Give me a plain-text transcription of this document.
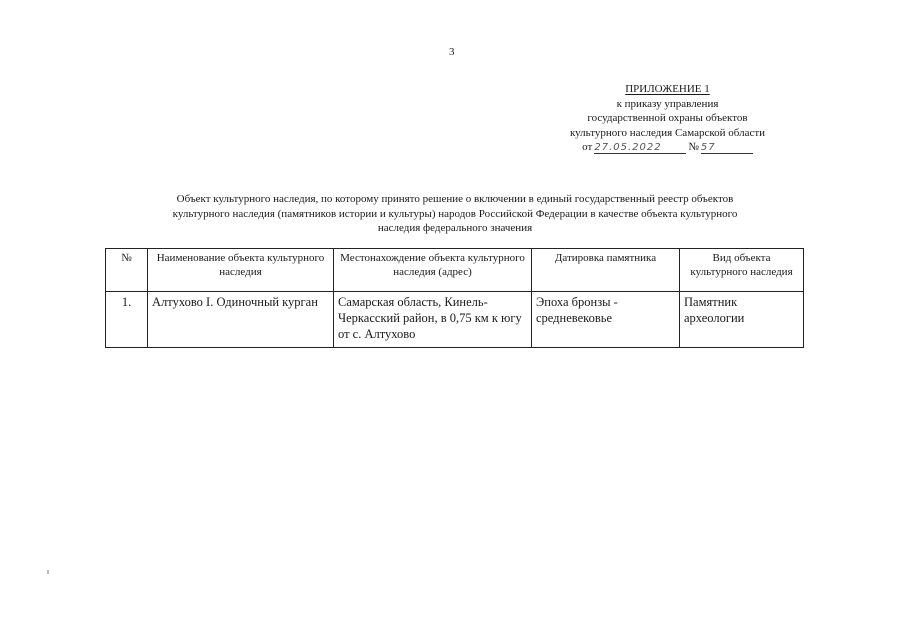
3
ПРИЛОЖЕНИЕ 1
к приказу управления
государственной охраны объектов
культурного наследия Самарской области
от 27.05.2022	№ 57
Объект культурного наследия, по которому принято решение о включении в единый государственный реестр объектов
культурного наследия (памятников истории и культуры) народов Российской Федерации в качестве объекта культурного
наследия федерального значения
№	Наименование объекта культурного наследия	Местонахождение объекта культурного наследия (адрес)	Датировка памятника	Вид объекта культурного наследия
1.	Алтухово I. Одиночный курган	Самарская область, Кинель-Черкасский район, в 0,75 км к югу от с. Алтухово	Эпоха бронзы - средневековье	Памятник археологии
